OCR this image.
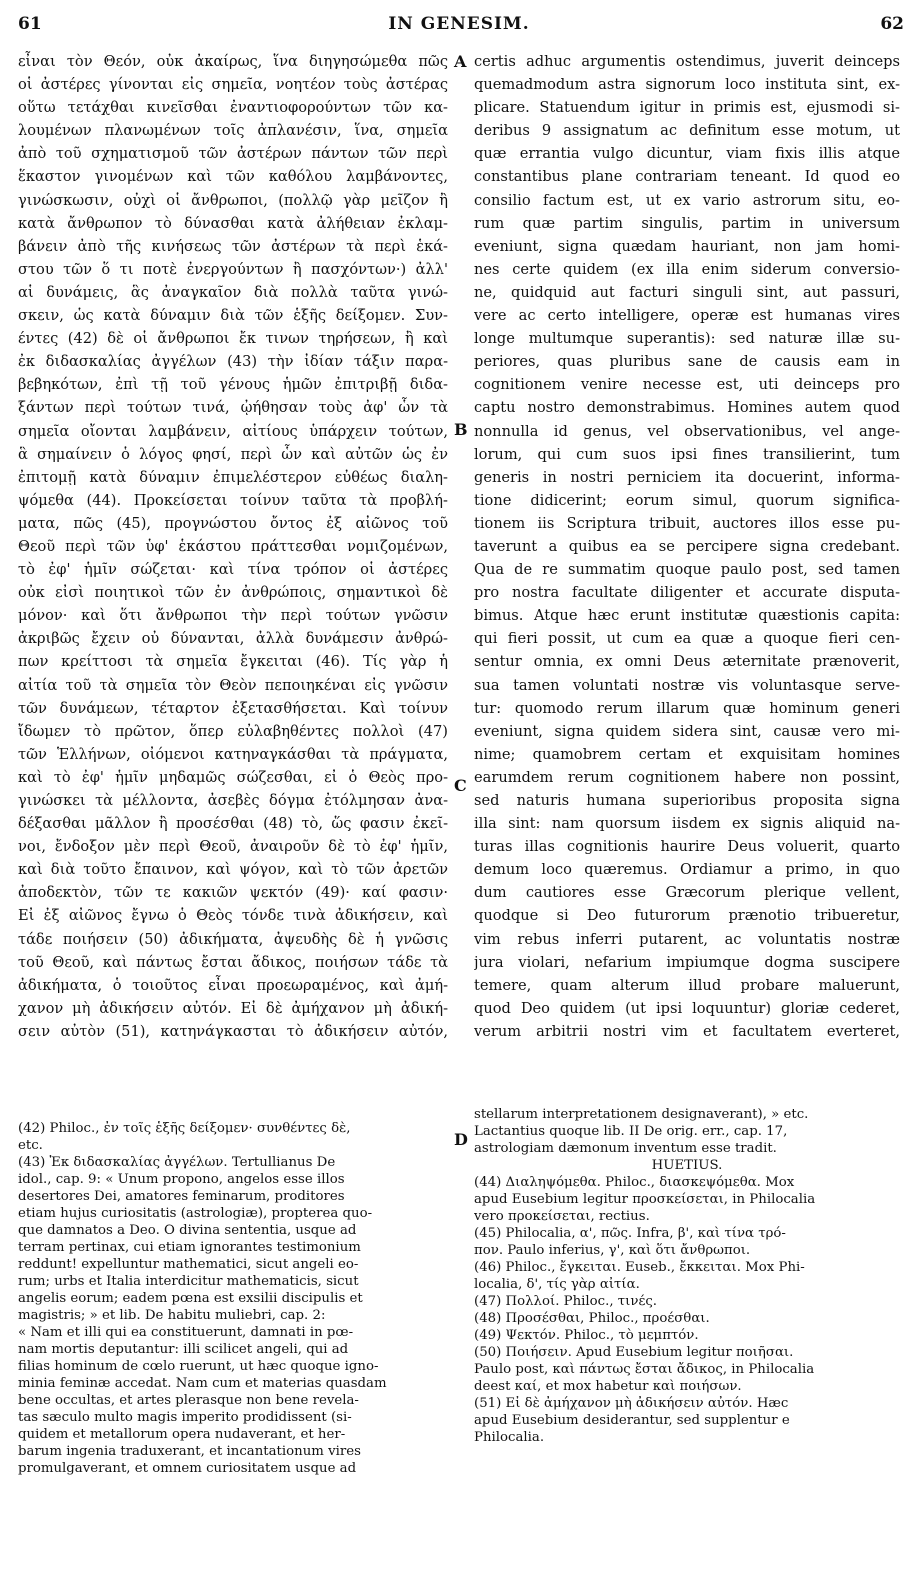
61	IN GENESIM.	62
A
B
C
D
εἶναι τὸν Θεόν, οὐκ ἀκαίρως, ἵνα διηγησώμεθα πῶς
οἱ ἀστέρες γίνονται εἰς σημεῖα, νοητέον τοὺς ἀστέρας
οὕτω τετάχθαι κινεῖσθαι ἐναντιοφορούντων τῶν κα-
λουμένων πλανωμένων τοῖς ἀπλανέσιν, ἵνα, σημεῖα
ἀπὸ τοῦ σχηματισμοῦ τῶν ἀστέρων πάντων τῶν περὶ
ἕκαστον γινομένων καὶ τῶν καθόλου λαμβάνοντες,
γινώσκωσιν, οὐχὶ οἱ ἄνθρωποι, (πολλῷ γὰρ μεῖζον ἢ
κατὰ ἄνθρωπον τὸ δύνασθαι κατὰ ἀλήθειαν ἐκλαμ-
βάνειν ἀπὸ τῆς κινήσεως τῶν ἀστέρων τὰ περὶ ἑκά-
στου τῶν ὅ τι ποτὲ ἐνεργούντων ἢ πασχόντων·) ἀλλ'
αἱ δυνάμεις, ἃς ἀναγκαῖον διὰ πολλὰ ταῦτα γινώ-
σκειν, ὡς κατὰ δύναμιν διὰ τῶν ἑξῆς δείξομεν. Συν-
έντες (42) δὲ οἱ ἄνθρωποι ἔκ τινων τηρήσεων, ἢ καὶ
ἐκ διδασκαλίας ἀγγέλων (43) τὴν ἰδίαν τάξιν παρα-
βεβηκότων, ἐπὶ τῇ τοῦ γένους ἡμῶν ἐπιτριβῇ διδα-
ξάντων περὶ τούτων τινά, ᾠήθησαν τοὺς ἀφ' ὧν τὰ
σημεῖα οἴονται λαμβάνειν, αἰτίους ὑπάρχειν τούτων,
ἃ σημαίνειν ὁ λόγος φησί, περὶ ὧν καὶ αὐτῶν ὡς ἐν
ἐπιτομῇ κατὰ δύναμιν ἐπιμελέστερον εὐθέως διαλη-
ψόμεθα (44). Προκείσεται τοίνυν ταῦτα τὰ προβλή-
ματα, πῶς (45), προγνώστου ὄντος ἐξ αἰῶνος τοῦ
Θεοῦ περὶ τῶν ὑφ' ἑκάστου πράττεσθαι νομιζομένων,
τὸ ἐφ' ἡμῖν σώζεται· καὶ τίνα τρόπον οἱ ἀστέρες
οὐκ εἰσὶ ποιητικοὶ τῶν ἐν ἀνθρώποις, σημαντικοὶ δὲ
μόνον· καὶ ὅτι ἄνθρωποι τὴν περὶ τούτων γνῶσιν
ἀκριβῶς ἔχειν οὐ δύνανται, ἀλλὰ δυνάμεσιν ἀνθρώ-
πων κρείττοσι τὰ σημεῖα ἔγκειται (46). Τίς γὰρ ἡ
αἰτία τοῦ τὰ σημεῖα τὸν Θεὸν πεποιηκέναι εἰς γνῶσιν
τῶν δυνάμεων, τέταρτον ἐξετασθήσεται. Καὶ τοίνυν
ἴδωμεν τὸ πρῶτον, ὅπερ εὐλαβηθέντες πολλοὶ (47)
τῶν Ἑλλήνων, οἰόμενοι κατηναγκάσθαι τὰ πράγματα,
καὶ τὸ ἐφ' ἡμῖν μηδαμῶς σώζεσθαι, εἰ ὁ Θεὸς προ-
γινώσκει τὰ μέλλοντα, ἀσεβὲς δόγμα ἐτόλμησαν ἀνα-
δέξασθαι μᾶλλον ἢ προσέσθαι (48) τὸ, ὥς φασιν ἐκεῖ-
νοι, ἔνδοξον μὲν περὶ Θεοῦ, ἀναιροῦν δὲ τὸ ἐφ' ἡμῖν,
καὶ διὰ τοῦτο ἔπαινον, καὶ ψόγον, καὶ τὸ τῶν ἀρετῶν
ἀποδεκτὸν, τῶν τε κακιῶν ψεκτόν (49)· καί φασιν·
Εἰ ἐξ αἰῶνος ἔγνω ὁ Θεὸς τόνδε τινὰ ἀδικήσειν, καὶ
τάδε ποιήσειν (50) ἀδικήματα, ἀψευδὴς δὲ ἡ γνῶσις
τοῦ Θεοῦ, καὶ πάντως ἔσται ἄδικος, ποιήσων τάδε τὰ
ἀδικήματα, ὁ τοιοῦτος εἶναι προεωραμένος, καὶ ἀμή-
χανον μὴ ἀδικήσειν αὐτόν. Εἰ δὲ ἀμήχανον μὴ ἀδική-
σειν αὐτὸν (51), κατηνάγκασται τὸ ἀδικήσειν αὐτόν,
certis adhuc argumentis ostendimus, juverit deinceps
quemadmodum astra signorum loco instituta sint, ex-
plicare. Statuendum igitur in primis est, ejusmodi si-
deribus 9 assignatum ac definitum esse motum, ut
quæ errantia vulgo dicuntur, viam fixis illis atque
constantibus plane contrariam teneant. Id quod eo
consilio factum est, ut ex vario astrorum situ, eo-
rum quæ partim singulis, partim in universum
eveniunt, signa quædam hauriant, non jam homi-
nes certe quidem (ex illa enim siderum conversio-
ne, quidquid aut facturi singuli sint, aut passuri,
vere ac certo intelligere, operæ est humanas vires
longe multumque superantis): sed naturæ illæ su-
periores, quas pluribus sane de causis eam in
cognitionem venire necesse est, uti deinceps pro
captu nostro demonstrabimus. Homines autem quod
nonnulla id genus, vel observationibus, vel ange-
lorum, qui cum suos ipsi fines transilierint, tum
generis in nostri perniciem ita docuerint, informa-
tione didicerint; eorum simul, quorum significa-
tionem iis Scriptura tribuit, auctores illos esse pu-
taverunt a quibus ea se percipere signa credebant.
Qua de re summatim quoque paulo post, sed tamen
pro nostra facultate diligenter et accurate disputa-
bimus. Atque hæc erunt institutæ quæstionis capita:
qui fieri possit, ut cum ea quæ a quoque fieri cen-
sentur omnia, ex omni Deus æternitate prænoverit,
sua tamen voluntati nostræ vis voluntasque serve-
tur: quomodo rerum illarum quæ hominum generi
eveniunt, signa quidem sidera sint, causæ vero mi-
nime; quamobrem certam et exquisitam homines
earumdem rerum cognitionem habere non possint,
sed naturis humana superioribus proposita signa
illa sint: nam quorsum iisdem ex signis aliquid na-
turas illas cognitionis haurire Deus voluerit, quarto
demum loco quæremus. Ordiamur a primo, in quo
dum cautiores esse Græcorum plerique vellent,
quodque si Deo futurorum prænotio tribueretur,
vim rebus inferri putarent, ac voluntatis nostræ
jura violari, nefarium impiumque dogma suscipere
temere, quam alterum illud probare maluerunt,
quod Deo quidem (ut ipsi loquuntur) gloriæ cederet,
verum arbitrii nostri vim et facultatem everteret,
(42) Philoc., ἐν τοῖς ἑξῆς δείξομεν· συνθέντες δὲ,
etc.
(43) Ἐκ διδασκαλίας ἀγγέλων. Tertullianus De
idol., cap. 9: « Unum propono, angelos esse illos
desertores Dei, amatores feminarum, proditores
etiam hujus curiositatis (astrologiæ), propterea quo-
que damnatos a Deo. O divina sententia, usque ad
terram pertinax, cui etiam ignorantes testimonium
reddunt! expelluntur mathematici, sicut angeli eo-
rum; urbs et Italia interdicitur mathematicis, sicut
angelis eorum; eadem pœna est exsilii discipulis et
magistris; » et lib. De habitu muliebri, cap. 2:
« Nam et illi qui ea constituerunt, damnati in pœ-
nam mortis deputantur: illi scilicet angeli, qui ad
filias hominum de cœlo ruerunt, ut hæc quoque igno-
minia feminæ accedat. Nam cum et materias quasdam
bene occultas, et artes plerasque non bene revela-
tas sæculo multo magis imperito prodidissent (si-
quidem et metallorum opera nudaverant, et her-
barum ingenia traduxerant, et incantationum vires
promulgaverant, et omnem curiositatem usque ad
stellarum interpretationem designaverant), » etc.
Lactantius quoque lib. II De orig. err., cap. 17,
astrologiam dæmonum inventum esse tradit.
HUETIUS.
(44) Διαληψόμεθα. Philoc., διασκεψόμεθα. Mox
apud Eusebium legitur προσκείσεται, in Philocalia
vero προκείσεται, rectius.
(45) Philocalia, α', πῶς. Infra, β', καὶ τίνα τρό-
πον. Paulo inferius, γ', καὶ ὅτι ἄνθρωποι.
(46) Philoc., ἔγκειται. Euseb., ἔκκειται. Mox Phi-
localia, δ', τίς γὰρ αἰτία.
(47) Πολλοί. Philoc., τινές.
(48) Προσέσθαι, Philoc., προέσθαι.
(49) Ψεκτόν. Philoc., τὸ μεμπτόν.
(50) Ποιήσειν. Apud Eusebium legitur ποιῆσαι.
Paulo post, καὶ πάντως ἔσται ἄδικος, in Philocalia
deest καί, et mox habetur καὶ ποιήσων.
(51) Εἰ δὲ ἀμήχανον μὴ ἀδικήσειν αὐτόν. Hæc
apud Eusebium desiderantur, sed supplentur e
Philocalia.
